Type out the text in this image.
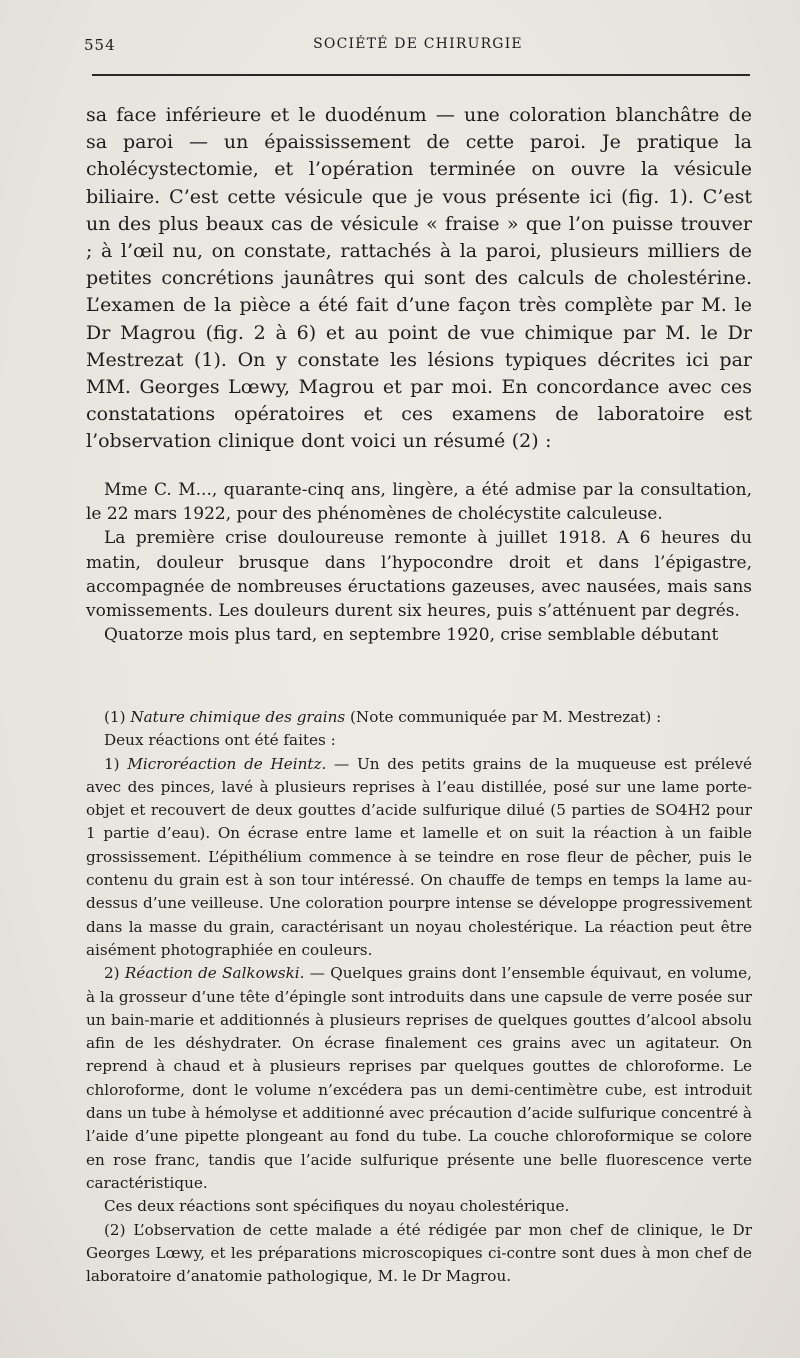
554	SOCIÉTÉ DE CHIRURGIE

sa face inférieure et le duodénum — une coloration blanchâtre de sa paroi — un épaississement de cette paroi. Je pratique la cholécystectomie, et l’opération terminée on ouvre la vésicule biliaire. C’est cette vésicule que je vous présente ici (fig. 1). C’est un des plus beaux cas de vésicule « fraise » que l’on puisse trouver ; à l’œil nu, on constate, rattachés à la paroi, plusieurs milliers de petites concrétions jaunâtres qui sont des calculs de cholestérine. L’examen de la pièce a été fait d’une façon très complète par M. le Dr Magrou (fig. 2 à 6) et au point de vue chimique par M. le Dr Mestrezat (1). On y constate les lésions typiques décrites ici par MM. Georges Lœwy, Magrou et par moi. En concordance avec ces constatations opératoires et ces examens de laboratoire est l’observation clinique dont voici un résumé (2) :

Mme C. M..., quarante-cinq ans, lingère, a été admise par la consultation, le 22 mars 1922, pour des phénomènes de cholécystite calculeuse.

La première crise douloureuse remonte à juillet 1918. A 6 heures du matin, douleur brusque dans l’hypocondre droit et dans l’épigastre, accompagnée de nombreuses éructations gazeuses, avec nausées, mais sans vomissements. Les douleurs durent six heures, puis s’atténuent par degrés.

Quatorze mois plus tard, en septembre 1920, crise semblable débutant

(1) Nature chimique des grains (Note communiquée par M. Mestrezat) :

Deux réactions ont été faites :

1) Microréaction de Heintz. — Un des petits grains de la muqueuse est prélevé avec des pinces, lavé à plusieurs reprises à l’eau distillée, posé sur une lame porte-objet et recouvert de deux gouttes d’acide sulfurique dilué (5 parties de SO4H2 pour 1 partie d’eau). On écrase entre lame et lamelle et on suit la réaction à un faible grossissement. L’épithélium commence à se teindre en rose fleur de pêcher, puis le contenu du grain est à son tour intéressé. On chauffe de temps en temps la lame au-dessus d’une veilleuse. Une coloration pourpre intense se développe progressivement dans la masse du grain, caractérisant un noyau cholestérique. La réaction peut être aisément photographiée en couleurs.

2) Réaction de Salkowski. — Quelques grains dont l’ensemble équivaut, en volume, à la grosseur d’une tête d’épingle sont introduits dans une capsule de verre posée sur un bain-marie et additionnés à plusieurs reprises de quelques gouttes d’alcool absolu afin de les déshydrater. On écrase finalement ces grains avec un agitateur. On reprend à chaud et à plusieurs reprises par quelques gouttes de chloroforme. Le chloroforme, dont le volume n’excédera pas un demi-centimètre cube, est introduit dans un tube à hémolyse et additionné avec précaution d’acide sulfurique concentré à l’aide d’une pipette plongeant au fond du tube. La couche chloroformique se colore en rose franc, tandis que l’acide sulfurique présente une belle fluorescence verte caractéristique.

Ces deux réactions sont spécifiques du noyau cholestérique.

(2) L’observation de cette malade a été rédigée par mon chef de clinique, le Dr Georges Lœwy, et les préparations microscopiques ci-contre sont dues à mon chef de laboratoire d’anatomie pathologique, M. le Dr Magrou.
